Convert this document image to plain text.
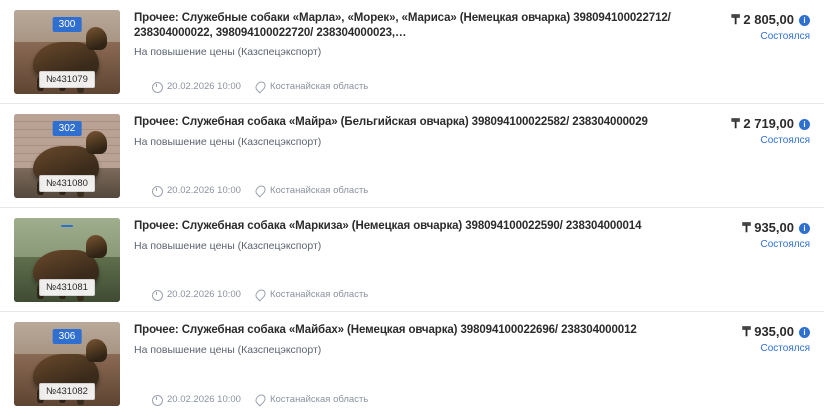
300
№431079

Прочее: Служебные собаки «Марла», «Морек», «Мариса» (Немецкая овчарка) 398094100022712/ 238304000022, 398094100022720/ 238304000023,…

На повышение цены (Казспецэкспорт)

20.02.2026 10:00	Костанайская область
₸ 2 805,00	i
Состоялся
302
№431080

Прочее: Служебная собака «Майра» (Бельгийская овчарка) 398094100022582/ 238304000029

На повышение цены (Казспецэкспорт)

20.02.2026 10:00	Костанайская область
₸ 2 719,00	i
Состоялся
№431081

Прочее: Служебная собака «Маркиза» (Немецкая овчарка) 398094100022590/ 238304000014

На повышение цены (Казспецэкспорт)

20.02.2026 10:00	Костанайская область
₸ 935,00	i
Состоялся
306
№431082

Прочее: Служебная собака «Майбах» (Немецкая овчарка) 398094100022696/ 238304000012

На повышение цены (Казспецэкспорт)

20.02.2026 10:00	Костанайская область
₸ 935,00	i
Состоялся
